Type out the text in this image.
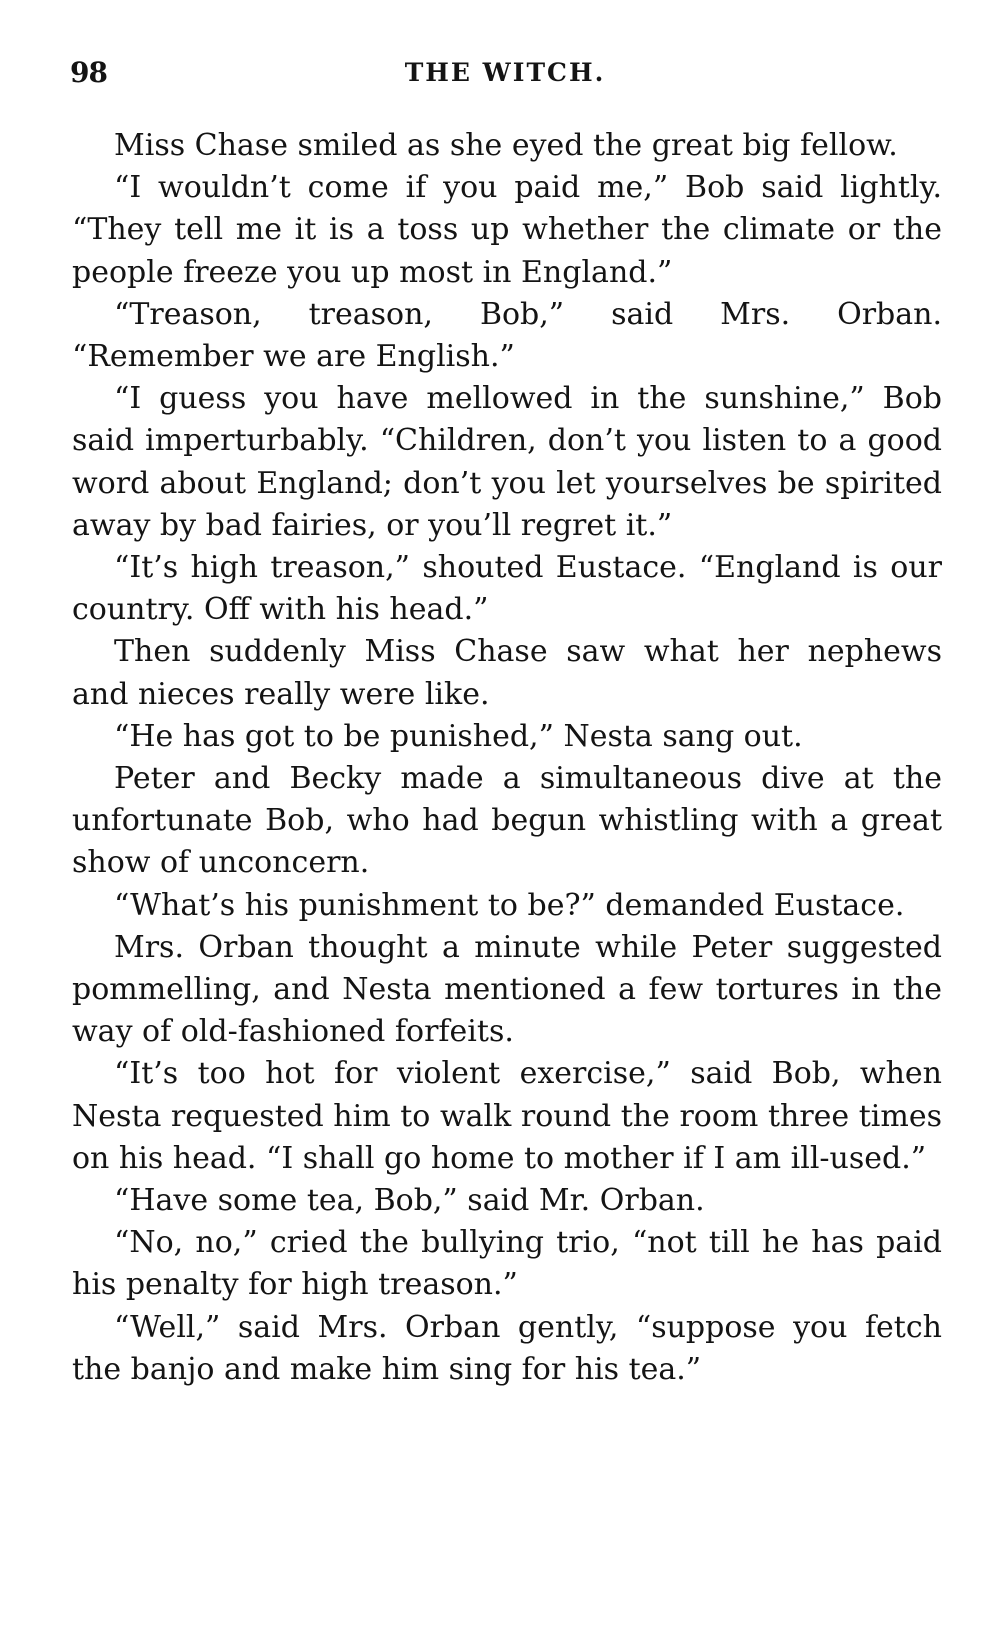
98	THE WITCH.

Miss Chase smiled as she eyed the great big fellow.

“I wouldn’t come if you paid me,” Bob said lightly. “They tell me it is a toss up whether the climate or the people freeze you up most in England.”

“Treason, treason, Bob,” said Mrs. Orban. “Remember we are English.”

“I guess you have mellowed in the sunshine,” Bob said imperturbably. “Children, don’t you listen to a good word about England; don’t you let yourselves be spirited away by bad fairies, or you’ll regret it.”

“It’s high treason,” shouted Eustace. “England is our country. Off with his head.”

Then suddenly Miss Chase saw what her nephews and nieces really were like.

“He has got to be punished,” Nesta sang out.

Peter and Becky made a simultaneous dive at the unfortunate Bob, who had begun whistling with a great show of unconcern.

“What’s his punishment to be?” demanded Eustace.

Mrs. Orban thought a minute while Peter suggested pommelling, and Nesta mentioned a few tortures in the way of old-fashioned forfeits.

“It’s too hot for violent exercise,” said Bob, when Nesta requested him to walk round the room three times on his head. “I shall go home to mother if I am ill-used.”

“Have some tea, Bob,” said Mr. Orban.

“No, no,” cried the bullying trio, “not till he has paid his penalty for high treason.”

“Well,” said Mrs. Orban gently, “suppose you fetch the banjo and make him sing for his tea.”
